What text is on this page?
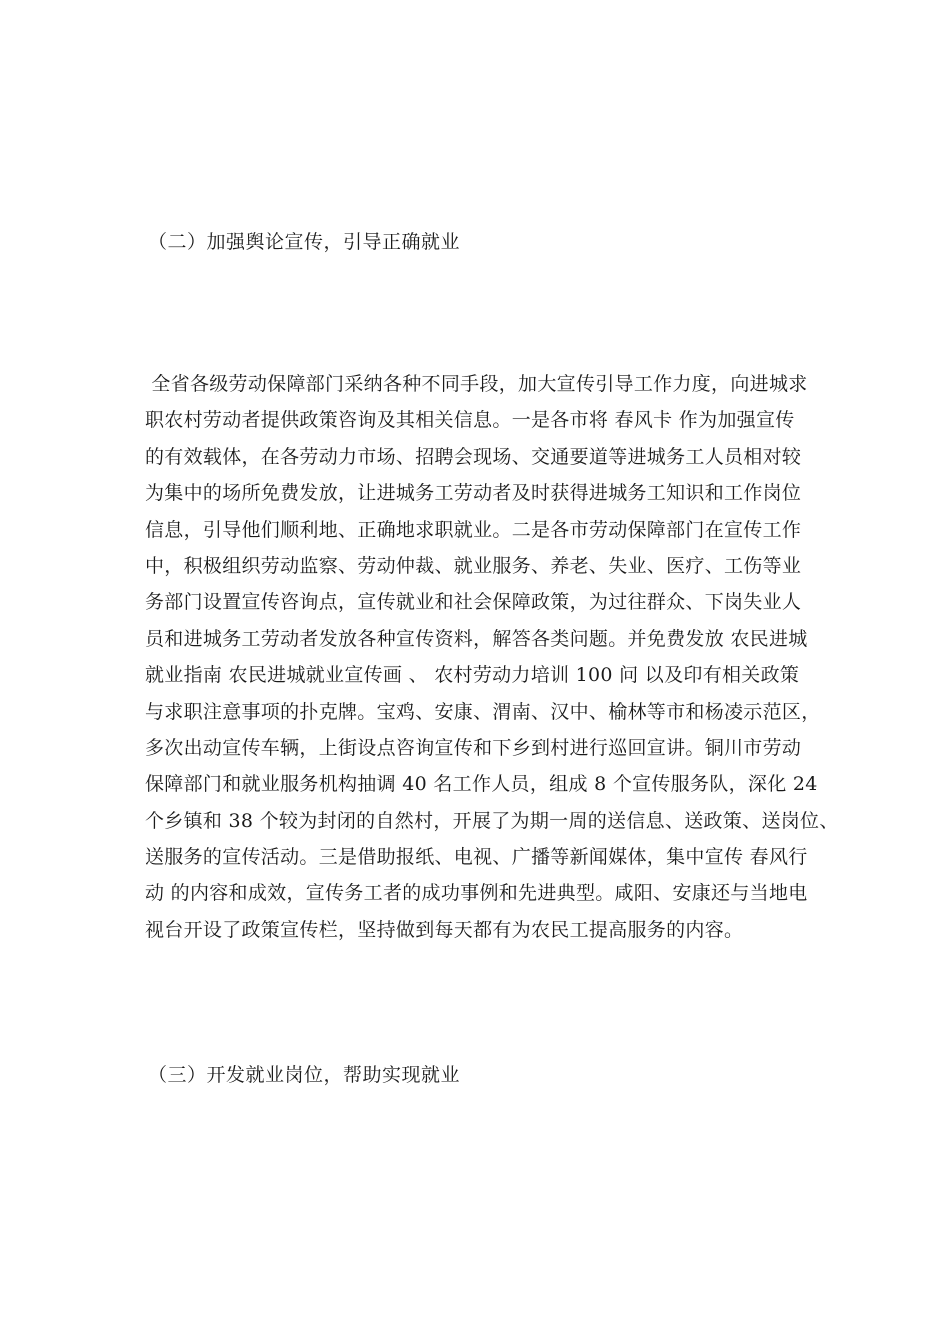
（二）加强舆论宣传，引导正确就业
全省各级劳动保障部门采纳各种不同手段，加大宣传引导工作力度，向进城求
职农村劳动者提供政策咨询及其相关信息。一是各市将 春风卡 作为加强宣传
的有效载体，在各劳动力市场、招聘会现场、交通要道等进城务工人员相对较
为集中的场所免费发放，让进城务工劳动者及时获得进城务工知识和工作岗位
信息，引导他们顺利地、正确地求职就业。二是各市劳动保障部门在宣传工作
中，积极组织劳动监察、劳动仲裁、就业服务、养老、失业、医疗、工伤等业
务部门设置宣传咨询点，宣传就业和社会保障政策，为过往群众、下岗失业人
员和进城务工劳动者发放各种宣传资料，解答各类问题。并免费发放 农民进城
就业指南 农民进城就业宣传画 、 农村劳动力培训 100 问 以及印有相关政策
与求职注意事项的扑克牌。宝鸡、安康、渭南、汉中、榆林等市和杨凌示范区，
多次出动宣传车辆，上街设点咨询宣传和下乡到村进行巡回宣讲。铜川市劳动
保障部门和就业服务机构抽调 40 名工作人员，组成 8 个宣传服务队，深化 24
个乡镇和 38 个较为封闭的自然村，开展了为期一周的送信息、送政策、送岗位、
送服务的宣传活动。三是借助报纸、电视、广播等新闻媒体，集中宣传 春风行
动 的内容和成效，宣传务工者的成功事例和先进典型。咸阳、安康还与当地电
视台开设了政策宣传栏，坚持做到每天都有为农民工提高服务的内容。
（三）开发就业岗位，帮助实现就业
